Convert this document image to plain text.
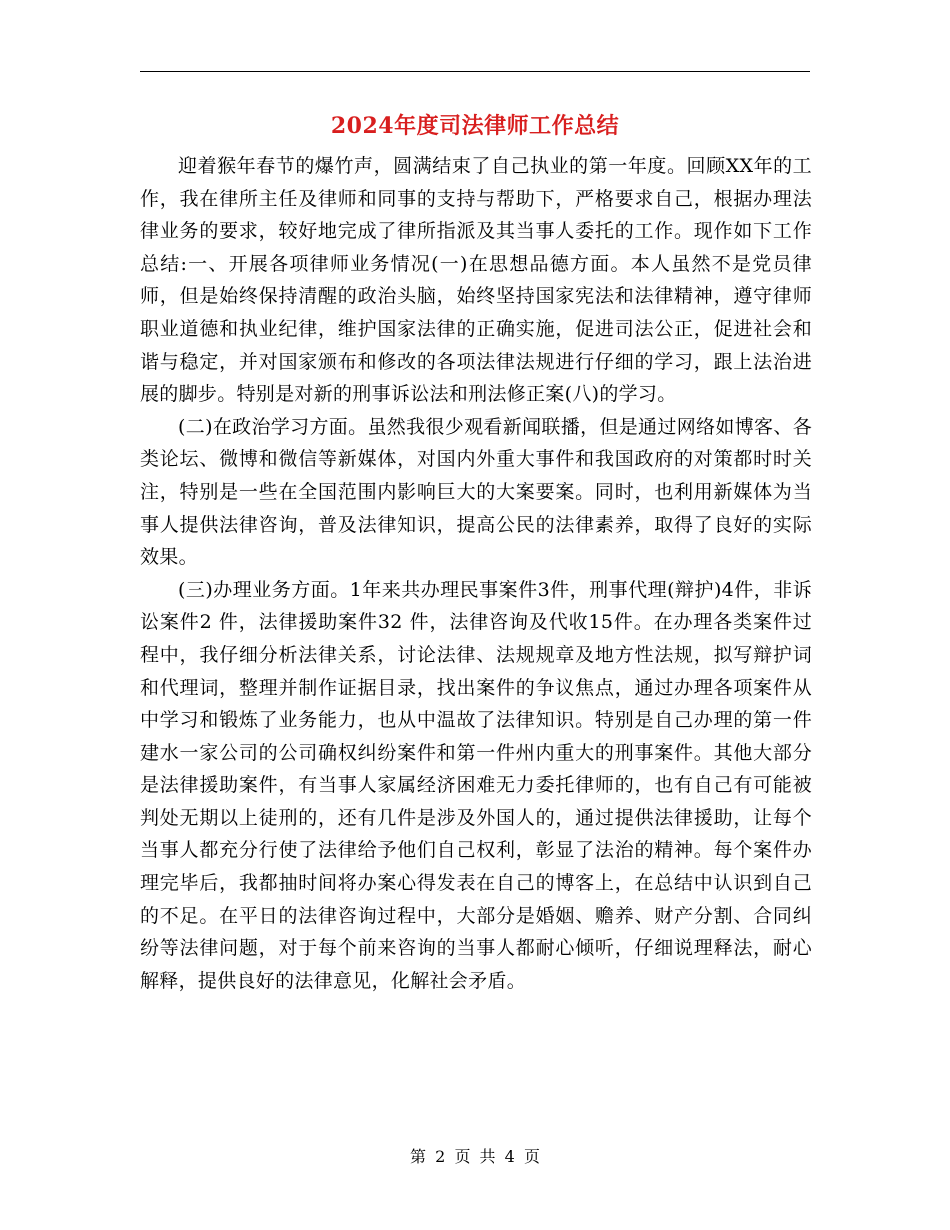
2024年度司法律师工作总结

迎着猴年春节的爆竹声，圆满结束了自己执业的第一年度。回顾XX年的工作，我在律所主任及律师和同事的支持与帮助下，严格要求自己，根据办理法律业务的要求，较好地完成了律所指派及其当事人委托的工作。现作如下工作总结:一、开展各项律师业务情况(一)在思想品德方面。本人虽然不是党员律师，但是始终保持清醒的政治头脑，始终坚持国家宪法和法律精神，遵守律师职业道德和执业纪律，维护国家法律的正确实施，促进司法公正，促进社会和谐与稳定，并对国家颁布和修改的各项法律法规进行仔细的学习，跟上法治进展的脚步。特别是对新的刑事诉讼法和刑法修正案(八)的学习。

(二)在政治学习方面。虽然我很少观看新闻联播，但是通过网络如博客、各类论坛、微博和微信等新媒体，对国内外重大事件和我国政府的对策都时时关注，特别是一些在全国范围内影响巨大的大案要案。同时，也利用新媒体为当事人提供法律咨询，普及法律知识，提高公民的法律素养，取得了良好的实际效果。

(三)办理业务方面。1年来共办理民事案件3件，刑事代理(辩护)4件，非诉讼案件2 件，法律援助案件32 件，法律咨询及代收15件。在办理各类案件过程中，我仔细分析法律关系，讨论法律、法规规章及地方性法规，拟写辩护词和代理词，整理并制作证据目录，找出案件的争议焦点，通过办理各项案件从中学习和锻炼了业务能力，也从中温故了法律知识。特别是自己办理的第一件建水一家公司的公司确权纠纷案件和第一件州内重大的刑事案件。其他大部分是法律援助案件，有当事人家属经济困难无力委托律师的，也有自己有可能被判处无期以上徒刑的，还有几件是涉及外国人的，通过提供法律援助，让每个当事人都充分行使了法律给予他们自己权利，彰显了法治的精神。每个案件办理完毕后，我都抽时间将办案心得发表在自己的博客上，在总结中认识到自己的不足。在平日的法律咨询过程中，大部分是婚姻、赡养、财产分割、合同纠纷等法律问题，对于每个前来咨询的当事人都耐心倾听，仔细说理释法，耐心解释，提供良好的法律意见，化解社会矛盾。

第 2 页 共 4 页
